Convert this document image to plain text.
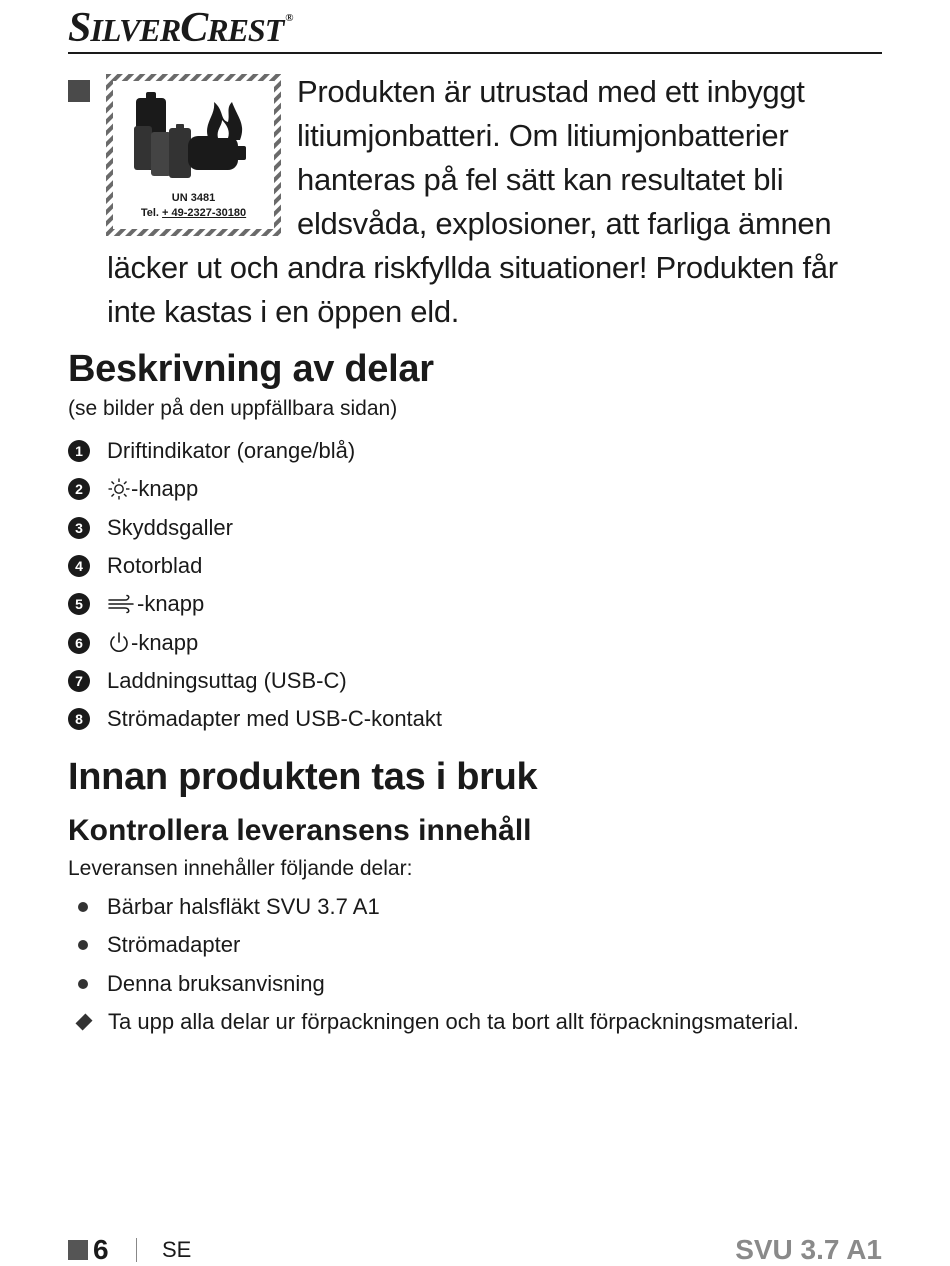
SILVERCREST ®
Produkten är utrustad med ett inbyggt litiumjonbatteri. Om litiumjonbatterier hanteras på fel sätt kan resultatet bli eldsvåda, explosioner, att farliga ämnen läcker ut och andra riskfyllda situationer! Produkten får inte kastas i en öppen eld.
UN 3481
Tel. + 49-2327-30180
Beskrivning av delar
(se bilder på den uppfällbara sidan)
1	Driftindikator (orange/blå)
2	-knapp
3	Skyddsgaller
4	Rotorblad
5	-knapp
6	-knapp
7	Laddningsuttag (USB-C)
8	Strömadapter med USB-C-kontakt
Innan produkten tas i bruk
Kontrollera leveransens innehåll
Leveransen innehåller följande delar:
Bärbar halsfläkt SVU 3.7 A1
Strömadapter
Denna bruksanvisning
Ta upp alla delar ur förpackningen och ta bort allt förpackningsmaterial.
6 SE	SVU 3.7 A1
